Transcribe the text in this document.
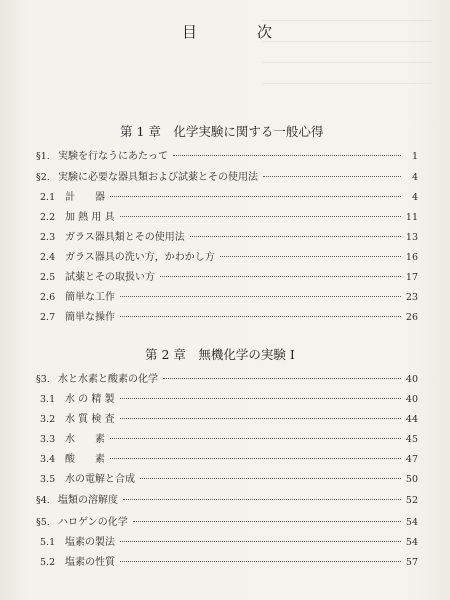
目	次
第 1 章　化学実験に関する一般心得
§1. 実験を行なうにあたって	1
§2. 実験に必要な器具類および試薬とその使用法	4
2.1 計　　器	4
2.2 加 熱 用 具	11
2.3 ガラス器具類とその使用法	13
2.4 ガラス器具の洗い方，かわかし方	16
2.5 試薬とその取扱い方	17
2.6 簡単な工作	23
2.7 簡単な操作	26
第 2 章　無機化学の実験 Ⅰ
§3. 水と水素と酸素の化学	40
3.1 水 の 精 製	40
3.2 水 質 検 査	44
3.3 水　　素	45
3.4 酸　　素	47
3.5 水の電解と合成	50
§4. 塩類の溶解度	52
§5. ハロゲンの化学	54
5.1 塩素の製法	54
5.2 塩素の性質	57
